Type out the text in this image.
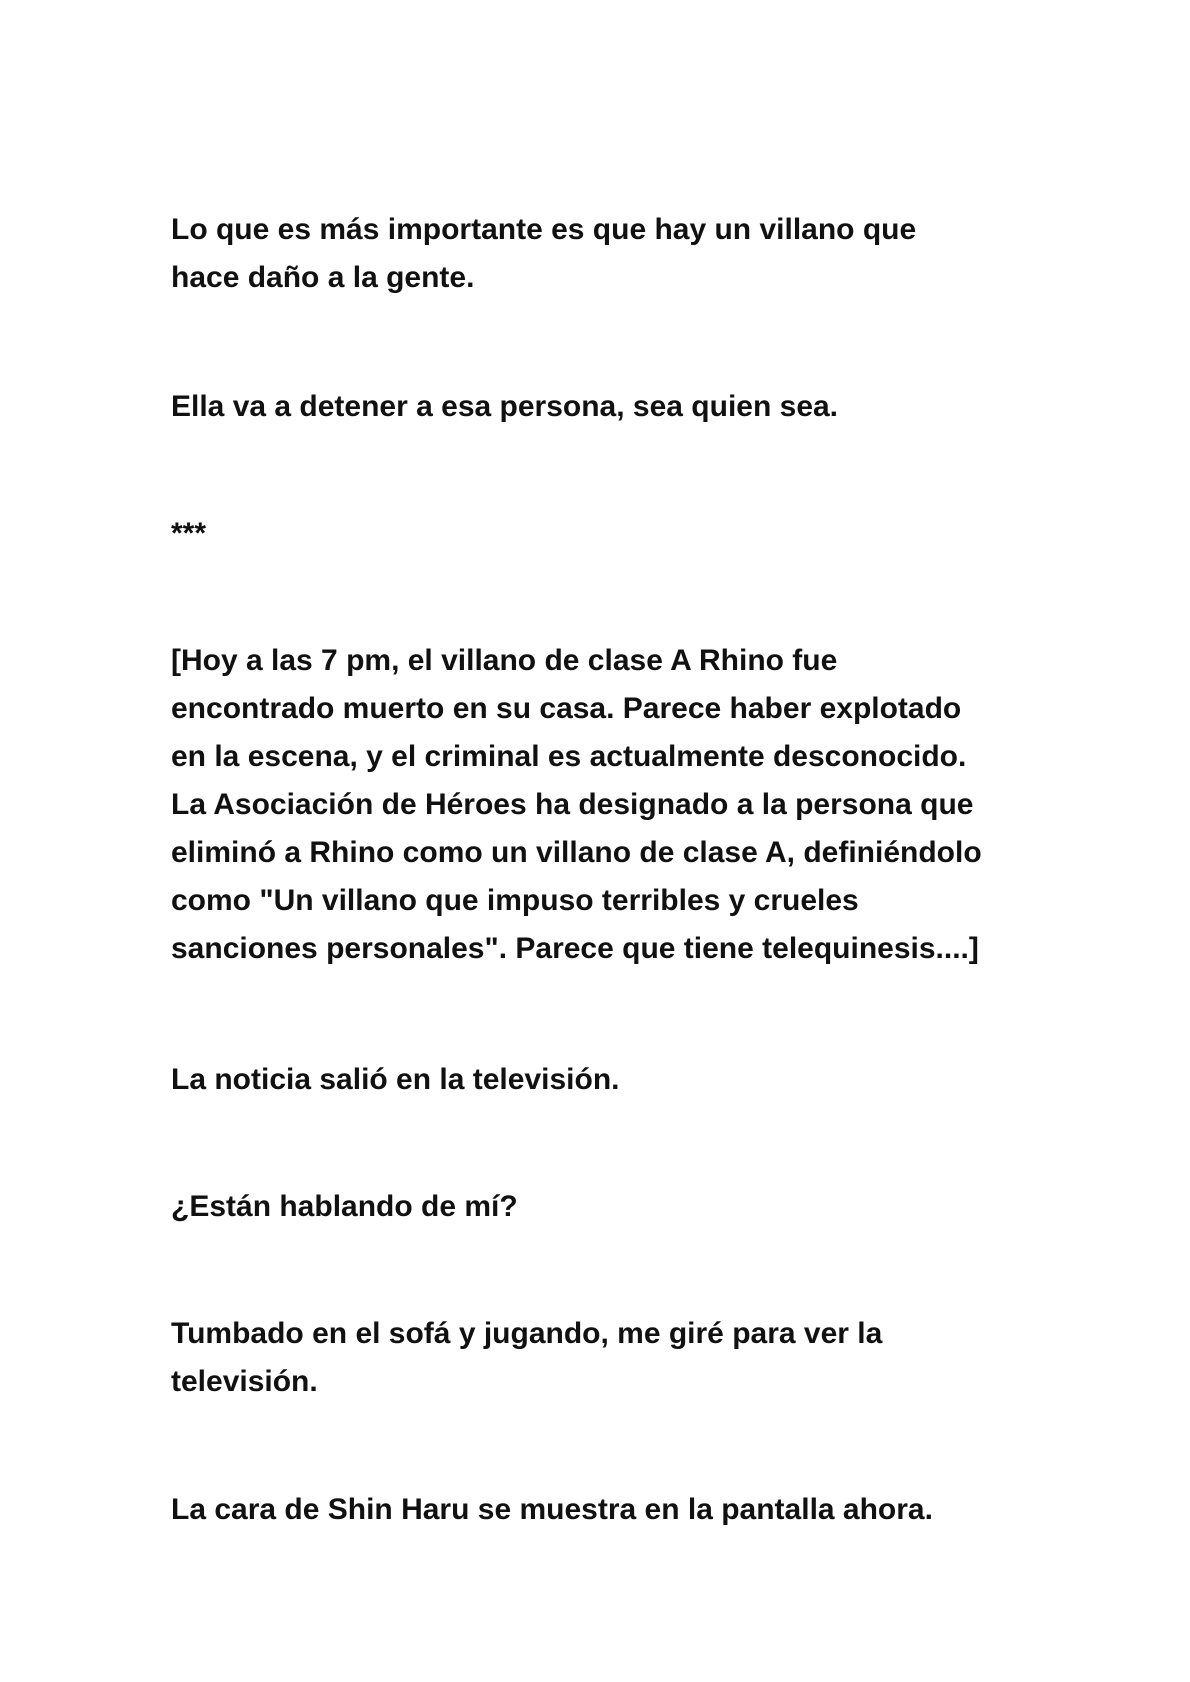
Lo que es más importante es que hay un villano que

hace daño a la gente.

Ella va a detener a esa persona, sea quien sea.

***

[Hoy a las 7 pm, el villano de clase A Rhino fue

encontrado muerto en su casa. Parece haber explotado

en la escena, y el criminal es actualmente desconocido.

La Asociación de Héroes ha designado a la persona que

eliminó a Rhino como un villano de clase A, definiéndolo

como "Un villano que impuso terribles y crueles

sanciones personales". Parece que tiene telequinesis....]

La noticia salió en la televisión.

¿Están hablando de mí?

Tumbado en el sofá y jugando, me giré para ver la

televisión.

La cara de Shin Haru se muestra en la pantalla ahora.
